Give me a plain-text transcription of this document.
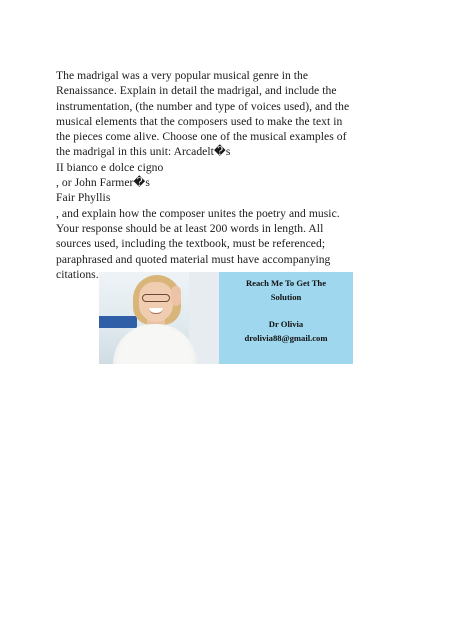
The madrigal was a very popular musical genre in the
Renaissance. Explain in detail the madrigal, and include the
instrumentation, (the number and type of voices used), and the
musical elements that the composers used to make the text in
the pieces come alive. Choose one of the musical examples of
the madrigal in this unit: Arcadelt�s
II bianco e dolce cigno
, or John Farmer�s
Fair Phyllis
, and explain how the composer unites the poetry and music.
Your response should be at least 200 words in length. All
sources used, including the textbook, must be referenced;
paraphrased and quoted material must have accompanying
citations.
Reach Me To Get The
Solution
Dr Olivia
drolivia88@gmail.com
